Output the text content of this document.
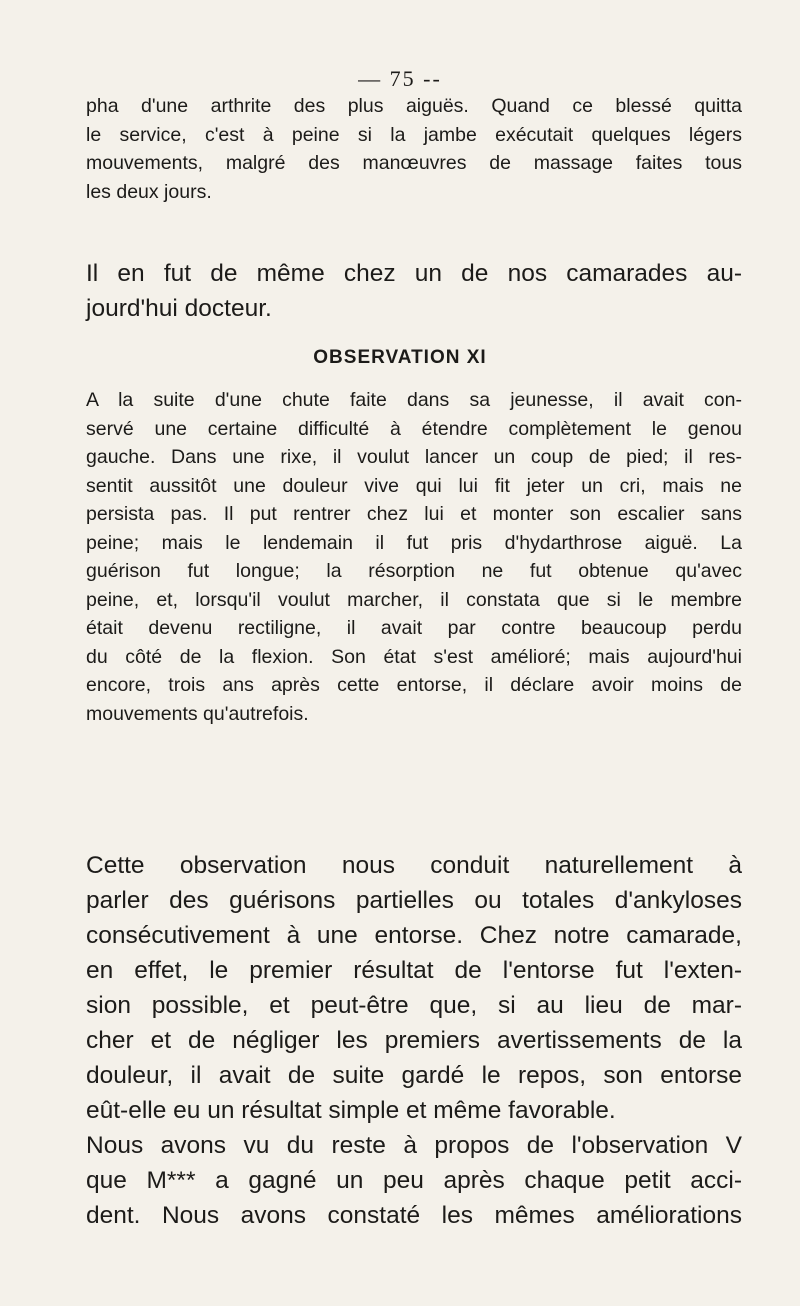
— 75 --
pha d'une arthrite des plus aiguës. Quand ce blessé quitta
le service, c'est à peine si la jambe exécutait quelques légers
mouvements, malgré des manœuvres de massage faites tous
les deux jours.
Il en fut de même chez un de nos camarades au-
jourd'hui docteur.
OBSERVATION XI
A la suite d'une chute faite dans sa jeunesse, il avait con-
servé une certaine difficulté à étendre complètement le genou
gauche. Dans une rixe, il voulut lancer un coup de pied; il res-
sentit aussitôt une douleur vive qui lui fit jeter un cri, mais ne
persista pas. Il put rentrer chez lui et monter son escalier sans
peine; mais le lendemain il fut pris d'hydarthrose aiguë. La
guérison fut longue; la résorption ne fut obtenue qu'avec
peine, et, lorsqu'il voulut marcher, il constata que si le membre
était devenu rectiligne, il avait par contre beaucoup perdu
du côté de la flexion. Son état s'est amélioré; mais aujourd'hui
encore, trois ans après cette entorse, il déclare avoir moins de
mouvements qu'autrefois.
Cette observation nous conduit naturellement à
parler des guérisons partielles ou totales d'ankyloses
consécutivement à une entorse. Chez notre camarade,
en effet, le premier résultat de l'entorse fut l'exten-
sion possible, et peut-être que, si au lieu de mar-
cher et de négliger les premiers avertissements de la
douleur, il avait de suite gardé le repos, son entorse
eût-elle eu un résultat simple et même favorable.
Nous avons vu du reste à propos de l'observation V
que M*** a gagné un peu après chaque petit acci-
dent. Nous avons constaté les mêmes améliorations
